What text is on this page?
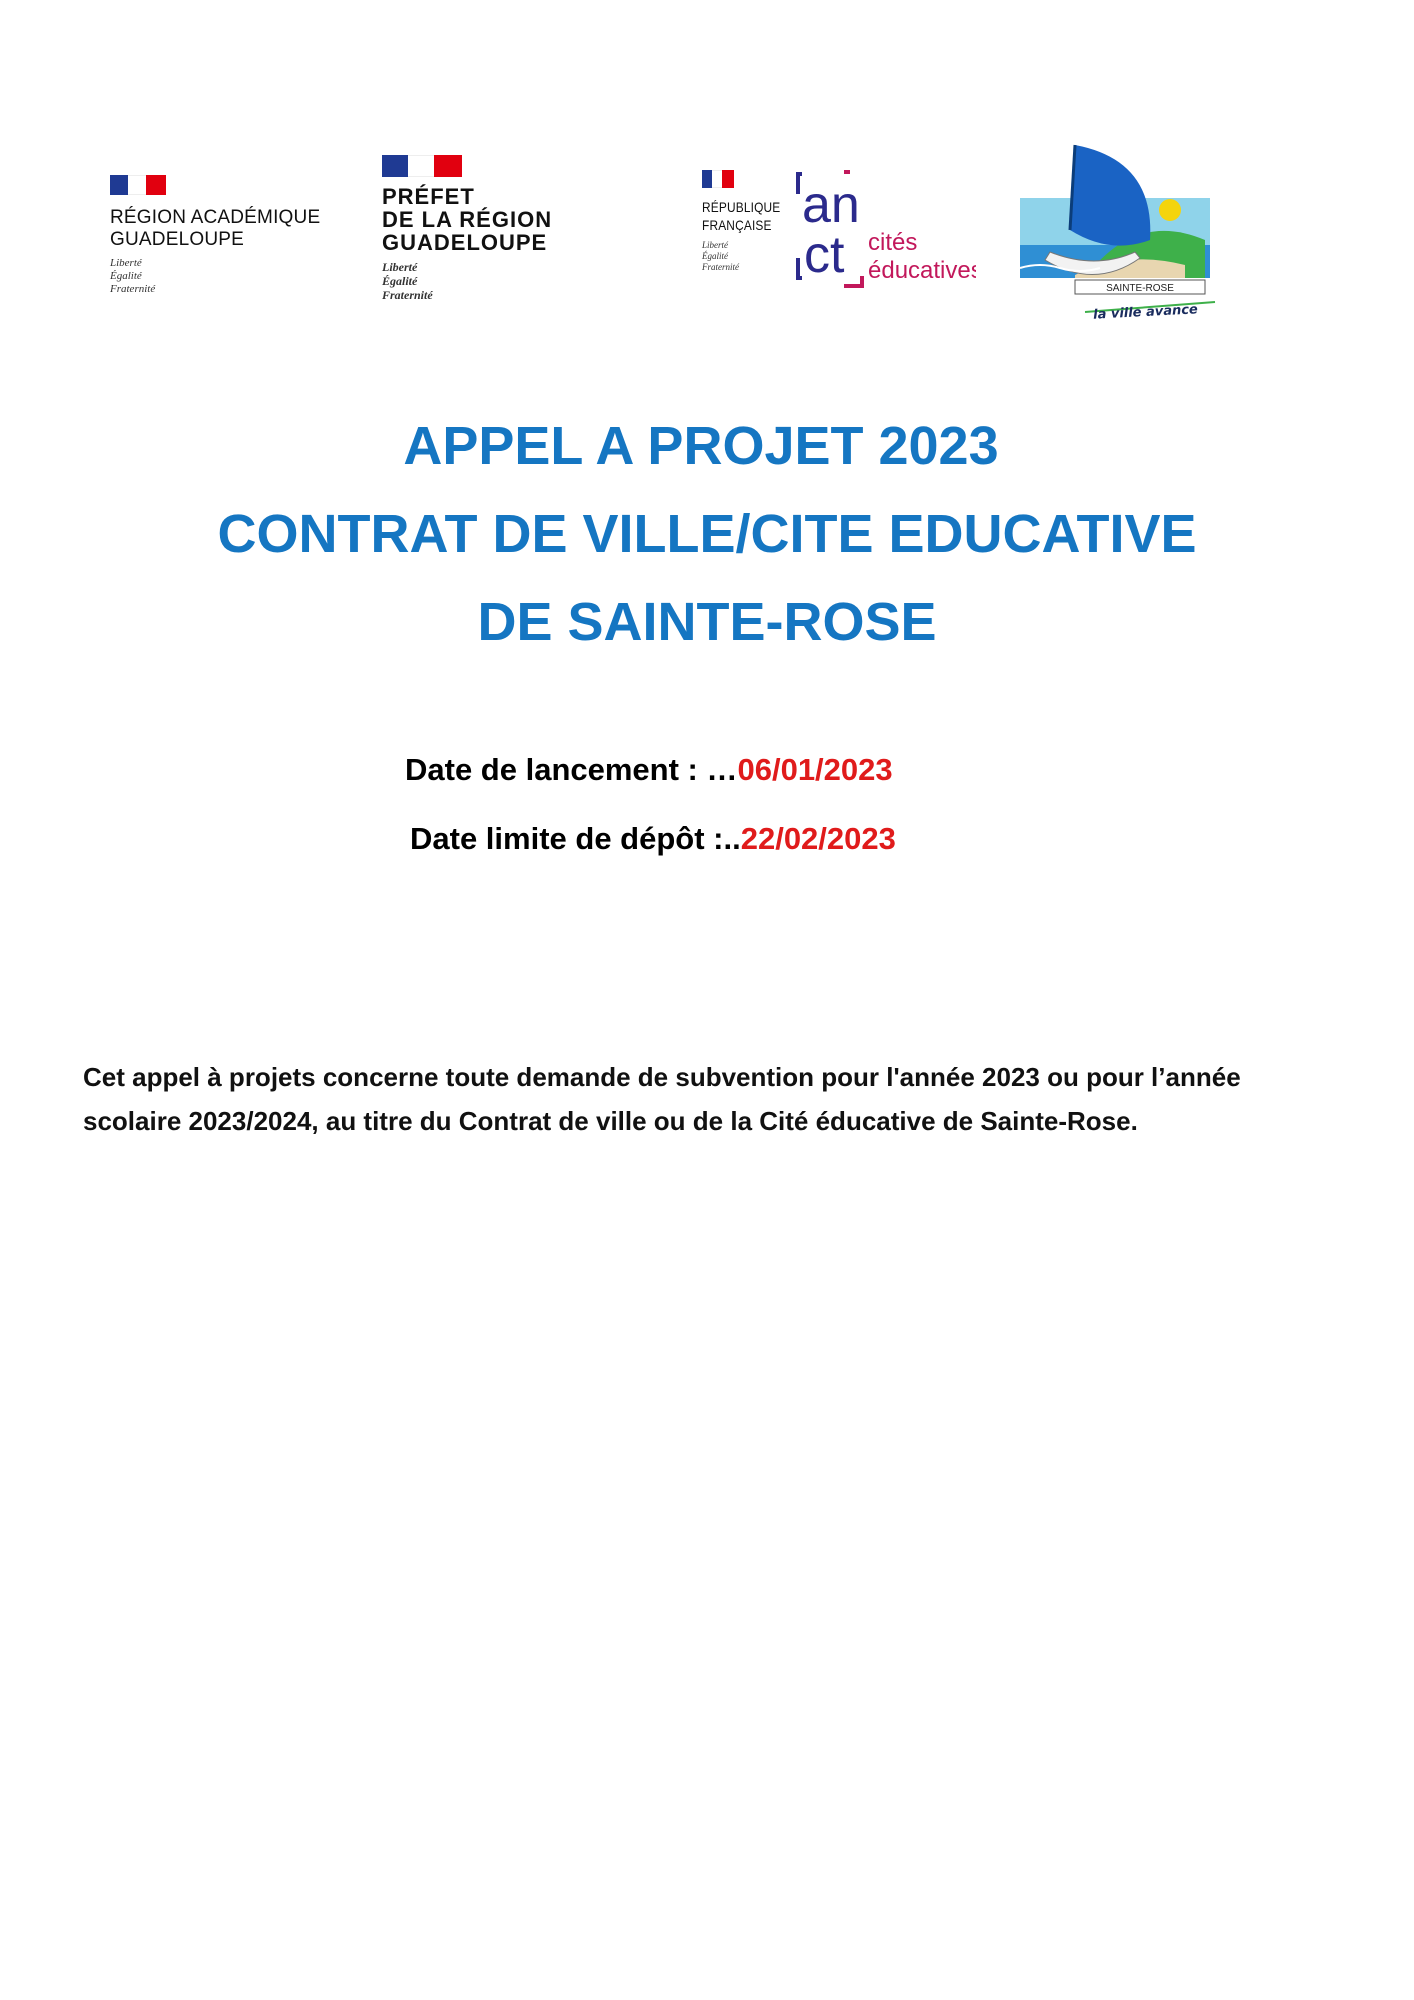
RÉGION ACADÉMIQUE
GUADELOUPE
Liberté
Égalité
Fraternité
PRÉFET
DE LA RÉGION
GUADELOUPE
Liberté
Égalité
Fraternité
RÉPUBLIQUE
FRANÇAISE
Liberté
Égalité
Fraternité
an
ct cités
éducatives
SAINTE-ROSE
la ville avance
APPEL A PROJET 2023
CONTRAT DE VILLE/CITE EDUCATIVE
DE SAINTE-ROSE
Date de lancement : …06/01/2023
Date limite de dépôt :..22/02/2023

Cet appel à projets concerne toute demande de subvention pour l'année 2023 ou pour l’année scolaire 2023/2024, au titre du Contrat de ville ou de la Cité éducative de Sainte-Rose.
